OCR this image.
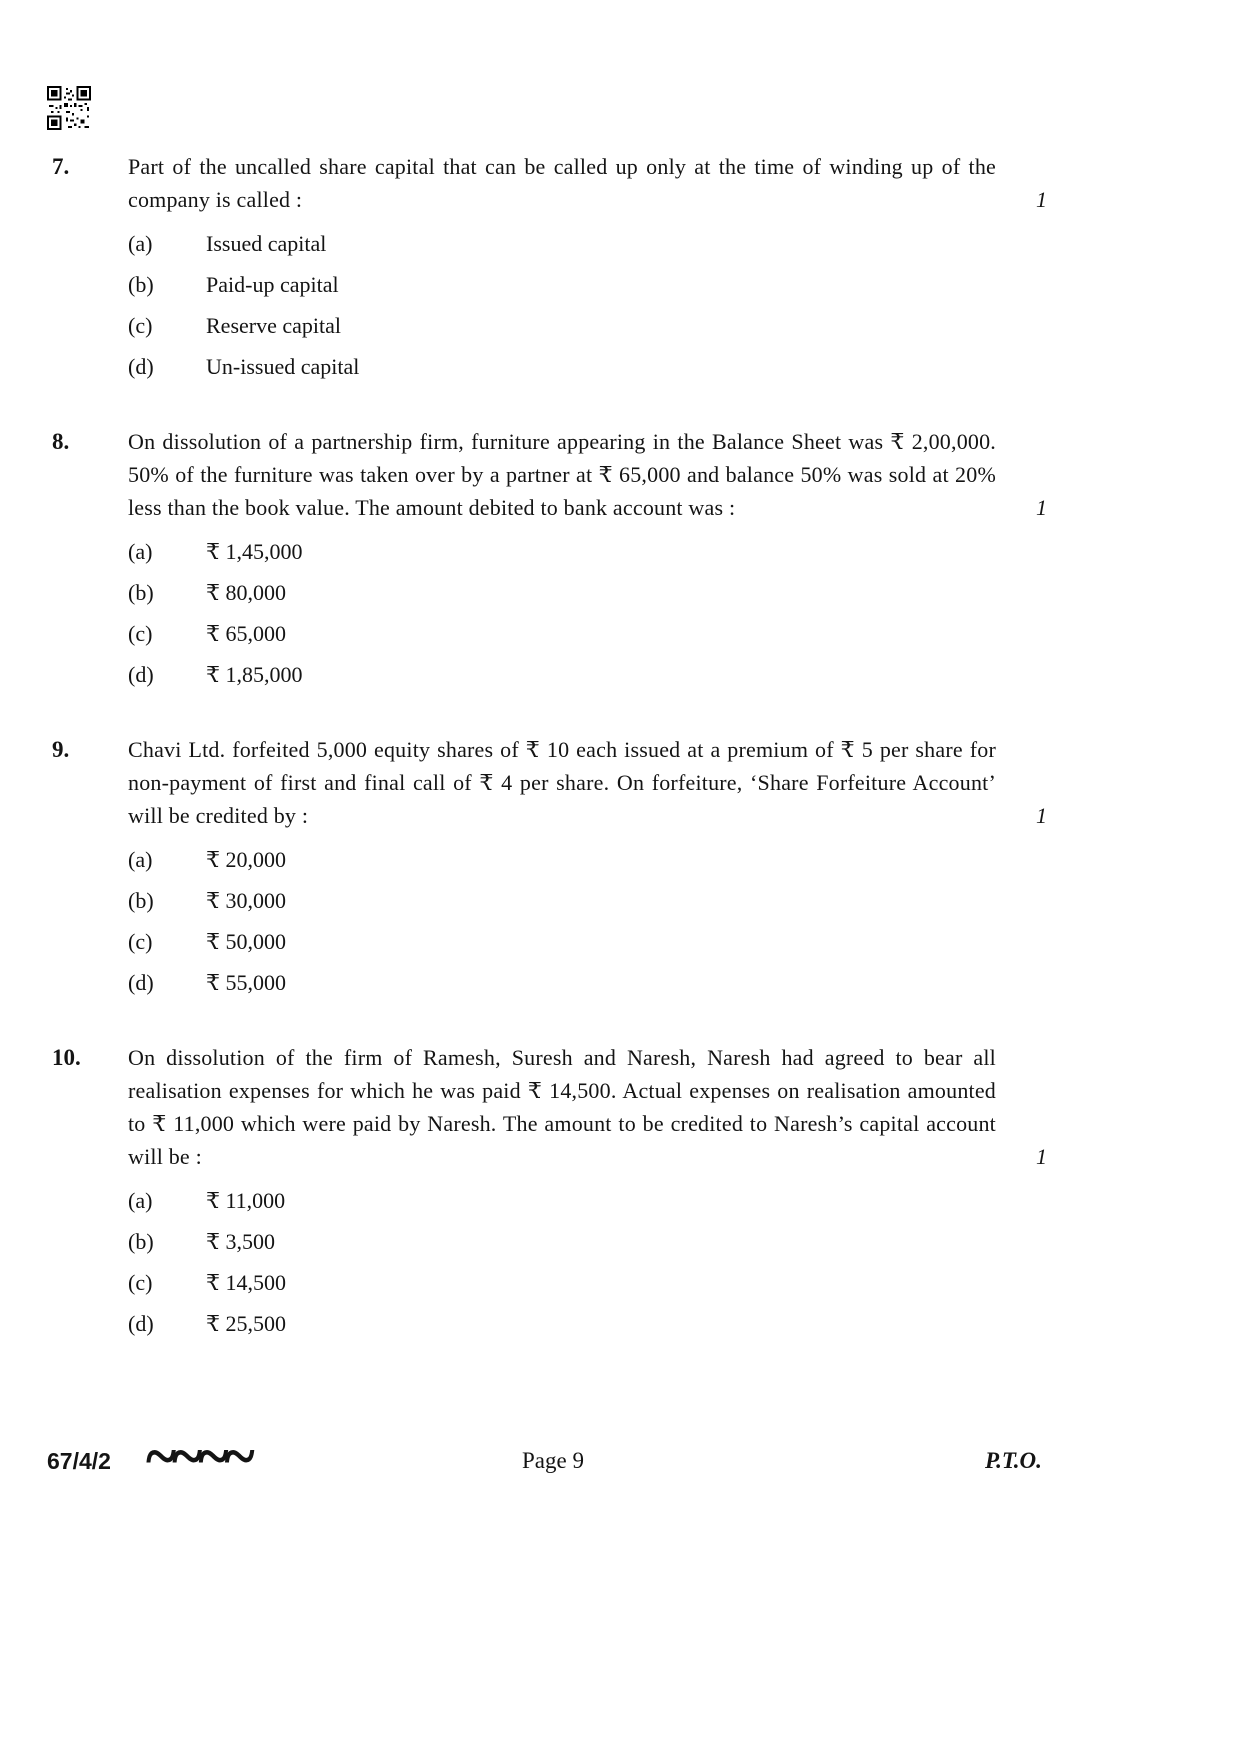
7.	Part of the uncalled share capital that can be called up only at the time of winding up of the company is called :	1
(a)	Issued capital
(b)	Paid-up capital
(c)	Reserve capital
(d)	Un-issued capital
8.	On dissolution of a partnership firm, furniture appearing in the Balance Sheet was ₹ 2,00,000. 50% of the furniture was taken over by a partner at ₹ 65,000 and balance 50% was sold at 20% less than the book value. The amount debited to bank account was :	1
(a)	₹ 1,45,000
(b)	₹ 80,000
(c)	₹ 65,000
(d)	₹ 1,85,000
9.	Chavi Ltd. forfeited 5,000 equity shares of ₹ 10 each issued at a premium of ₹ 5 per share for non-payment of first and final call of ₹ 4 per share. On forfeiture, ‘Share Forfeiture Account’ will be credited by :	1
(a)	₹ 20,000
(b)	₹ 30,000
(c)	₹ 50,000
(d)	₹ 55,000
10.	On dissolution of the firm of Ramesh, Suresh and Naresh, Naresh had agreed to bear all realisation expenses for which he was paid ₹ 14,500. Actual expenses on realisation amounted to ₹ 11,000 which were paid by Naresh. The amount to be credited to Naresh’s capital account will be :	1
(a)	₹ 11,000
(b)	₹ 3,500
(c)	₹ 14,500
(d)	₹ 25,500
67/4/2 ~~~~	Page 9	P.T.O.
